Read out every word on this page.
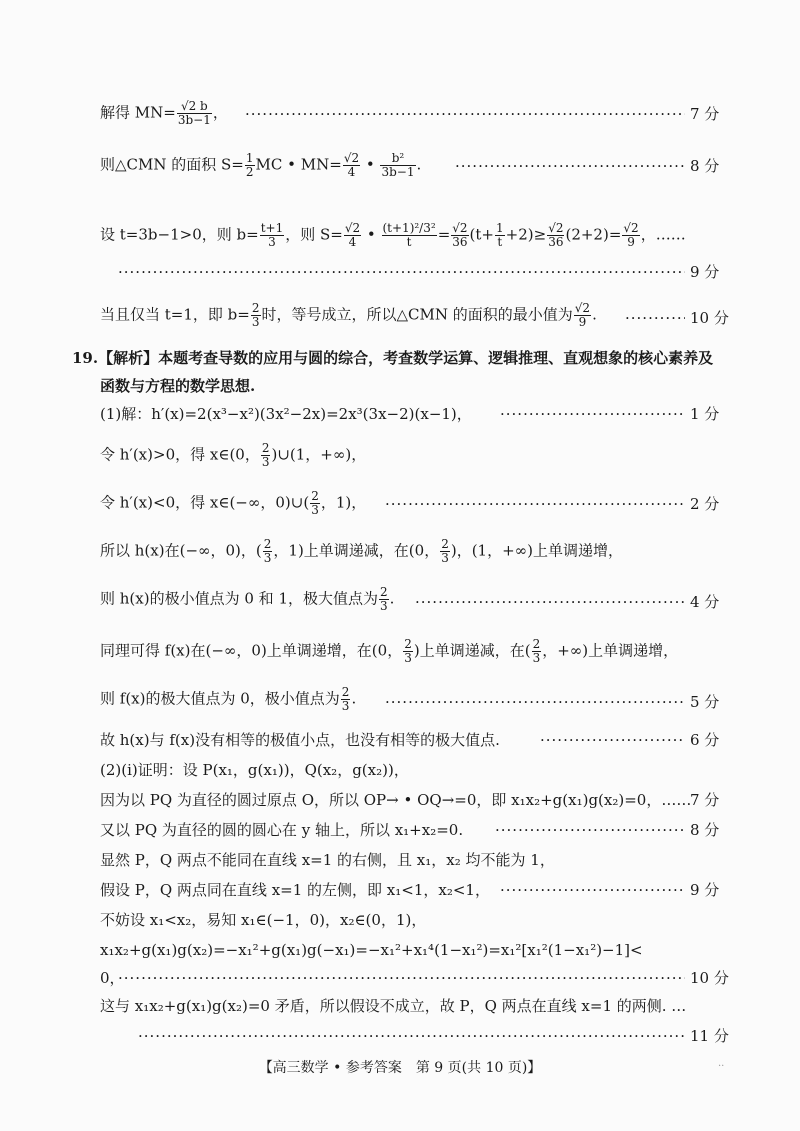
解得 $MN= \frac{√2 b}{3b-1}$ ， ·····	7 分
则△CMN 的面积 $S= \frac{1}{2}$ MC • $MN= \frac{√2}{4}$ • $\frac{\text{b²}}{3b-1}$ . ·····	8 分
设 t=3b−1>0，则 $b= \frac{t+1}{3}$ ，则 $S= \frac{√2}{4}$ • $\frac{\text{(t+1)²/3²}}{t} = \frac{√2}{36} (t+ \frac{1}{t} +2)\ge \frac{√2}{36} (2+2)= \frac{√2}{9}$ ，……
·····
9 分
当且仅当 t=1，即 $b= \frac{2}{3}$ 时，等号成立，所以△CMN 的面积的最小值为 $\frac{√2}{9}$ . ·····	10 分
19.【解析】本题考查导数的应用与圆的综合，考查数学运算、逻辑推理、直观想象的核心素养及
函数与方程的数学思想.
(1)解：h′(x)=2(x³−x²)(3x²−2x)=2x³(3x−2)(x−1)， ·····	1 分
令 h′(x)>0，得 x∈(0， $\frac{2}{3}$ )∪(1，+∞)，
令 h′(x)<0，得 x∈(−∞，0)∪( $\frac{2}{3}$ ，1)， ·····	2 分
所以 h(x)在(−∞，0)，( $\frac{2}{3}$ ，1)上单调递减，在(0， $\frac{2}{3}$ )，(1，+∞)上单调递增，
则 h(x)的极小值点为 0 和 1，极大值点为 $\frac{2}{3}$ . ·····	4 分
同理可得 f(x)在(−∞，0)上单调递增，在(0， $\frac{2}{3}$ )上单调递减，在( $\frac{2}{3}$ ，+∞)上单调递增，
则 f(x)的极大值点为 0，极小值点为 $\frac{2}{3}$ . ·····	5 分
故 h(x)与 f(x)没有相等的极值小点，也没有相等的极大值点. ·····	6 分
(2)(ⅰ)证明：设 P(x₁，g(x₁))，Q(x₂，g(x₂))，
因为以 PQ 为直径的圆过原点 O，所以 OP→ • OQ→=0，即 x₁x₂+g(x₁)g(x₂)=0，……
7 分
又以 PQ 为直径的圆的圆心在 y 轴上，所以 x₁+x₂=0. ·····	8 分
显然 P，Q 两点不能同在直线 x=1 的右侧，且 x₁，x₂ 均不能为 1，
假设 P，Q 两点同在直线 x=1 的左侧，即 x₁<1，x₂<1， ·····	9 分
不妨设 x₁<x₂，易知 x₁∈(−1，0)，x₂∈(0，1)，
x₁x₂+g(x₁)g(x₂)=−x₁²+g(x₁)g(−x₁)=−x₁²+x₁⁴(1−x₁²)=x₁²[x₁²(1−x₁²)−1]<
0， ·····	10 分
这与 x₁x₂+g(x₁)g(x₂)=0 矛盾，所以假设不成立，故 P，Q 两点在直线 x=1 的两侧. …
·····
11 分
【高三数学 • 参考答案　第 9 页(共 10 页)】	..
